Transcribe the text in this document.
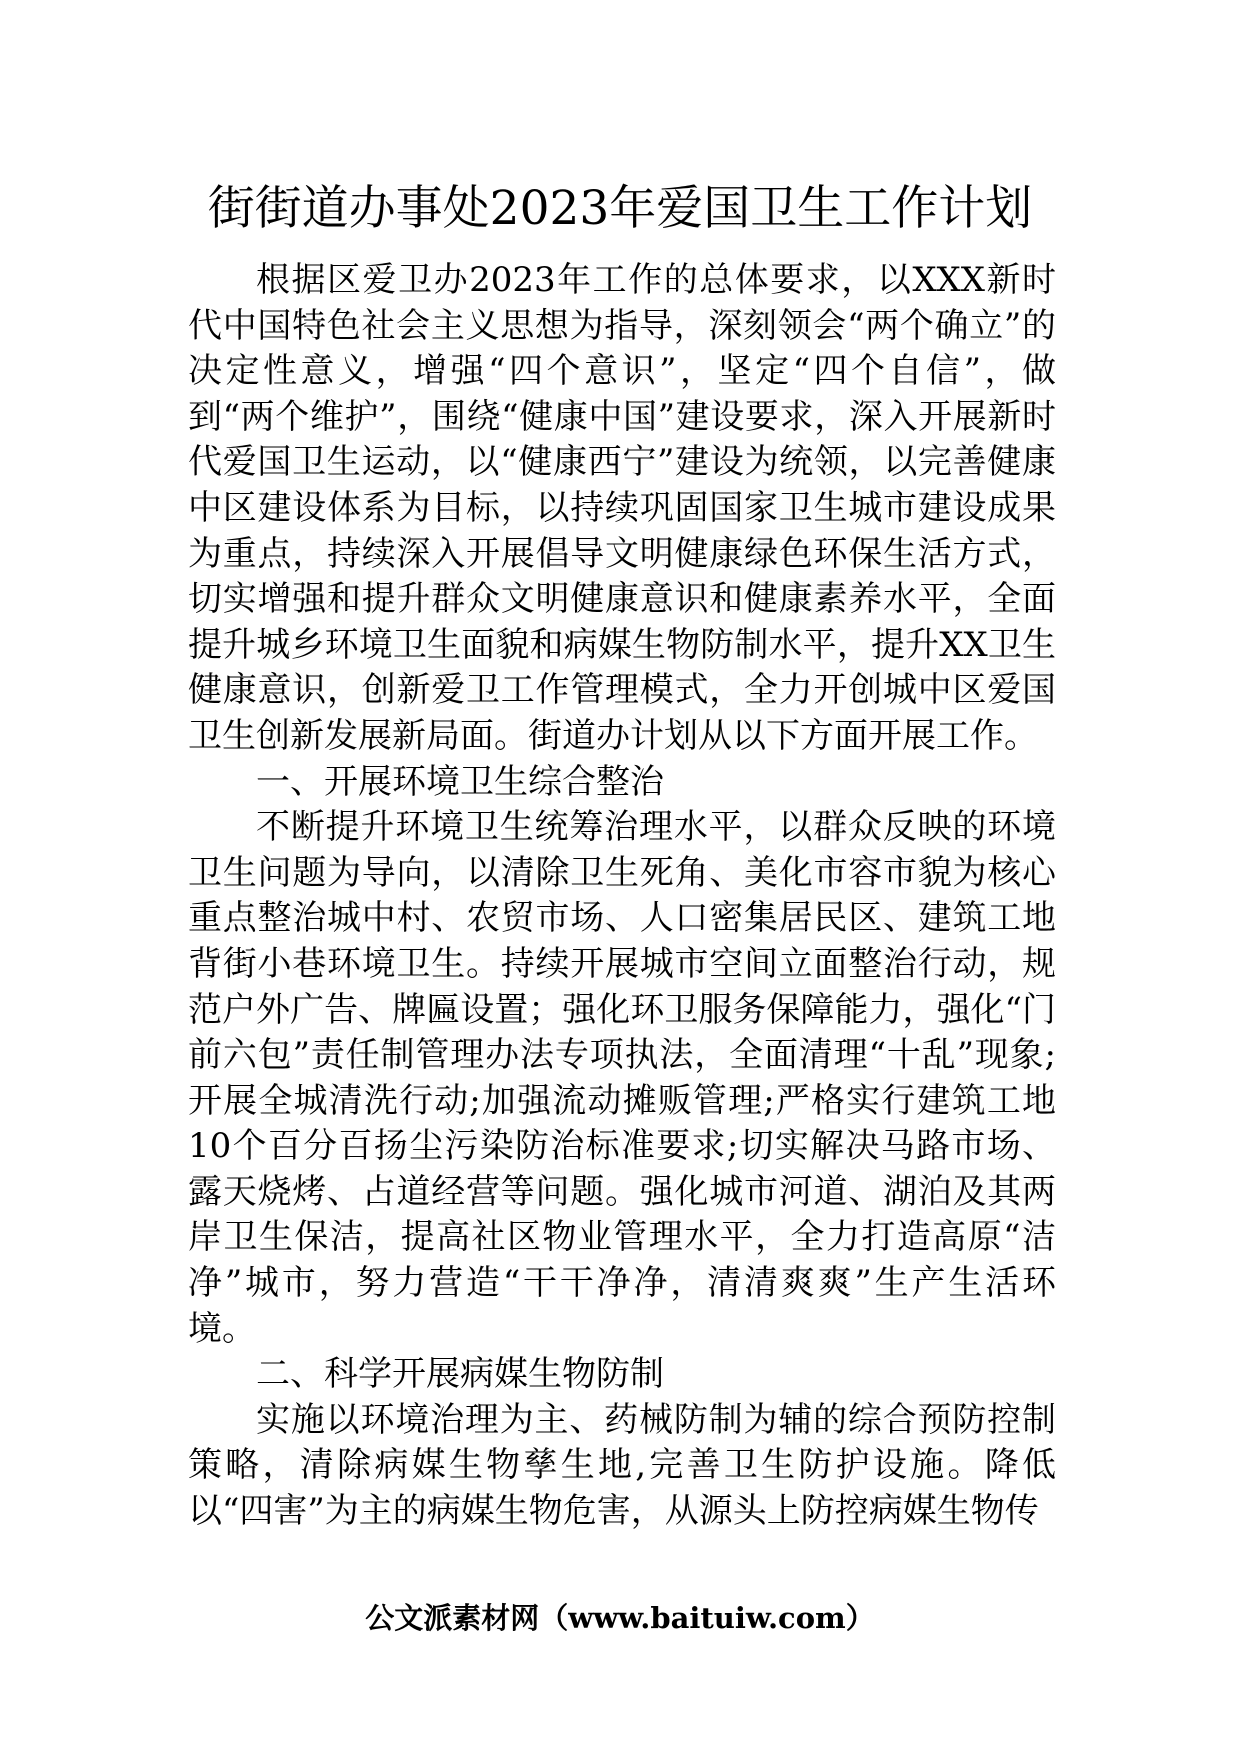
街街道办事处2023年爱国卫生工作计划

根据区爱卫办2023年工作的总体要求，以XXX新时代中国特色社会主义思想为指导，深刻领会“两个确立”的决定性意义，增强“四个意识”，坚定“四个自信”，做到“两个维护”，围绕“健康中国”建设要求，深入开展新时代爱国卫生运动，以“健康西宁”建设为统领，以完善健康中区建设体系为目标，以持续巩固国家卫生城市建设成果为重点，持续深入开展倡导文明健康绿色环保生活方式，切实增强和提升群众文明健康意识和健康素养水平，全面提升城乡环境卫生面貌和病媒生物防制水平，提升XX卫生健康意识，创新爱卫工作管理模式，全力开创城中区爱国卫生创新发展新局面。街道办计划从以下方面开展工作。

一、开展环境卫生综合整治

不断提升环境卫生统筹治理水平，以群众反映的环境卫生问题为导向，以清除卫生死角、美化市容市貌为核心重点整治城中村、农贸市场、人口密集居民区、建筑工地背街小巷环境卫生。持续开展城市空间立面整治行动，规范户外广告、牌匾设置；强化环卫服务保障能力，强化“门前六包”责任制管理办法专项执法，全面清理“十乱”现象;开展全城清洗行动;加强流动摊贩管理;严格实行建筑工地10个百分百扬尘污染防治标准要求;切实解决马路市场、露天烧烤、占道经营等问题。强化城市河道、湖泊及其两岸卫生保洁，提高社区物业管理水平，全力打造高原“洁净”城市，努力营造“干干净净，清清爽爽”生产生活环境。

二、科学开展病媒生物防制

实施以环境治理为主、药械防制为辅的综合预防控制策略，清除病媒生物孳生地,完善卫生防护设施。降低以“四害”为主的病媒生物危害，从源头上防控病媒生物传

公文派素材网（www.baituiw.com）
